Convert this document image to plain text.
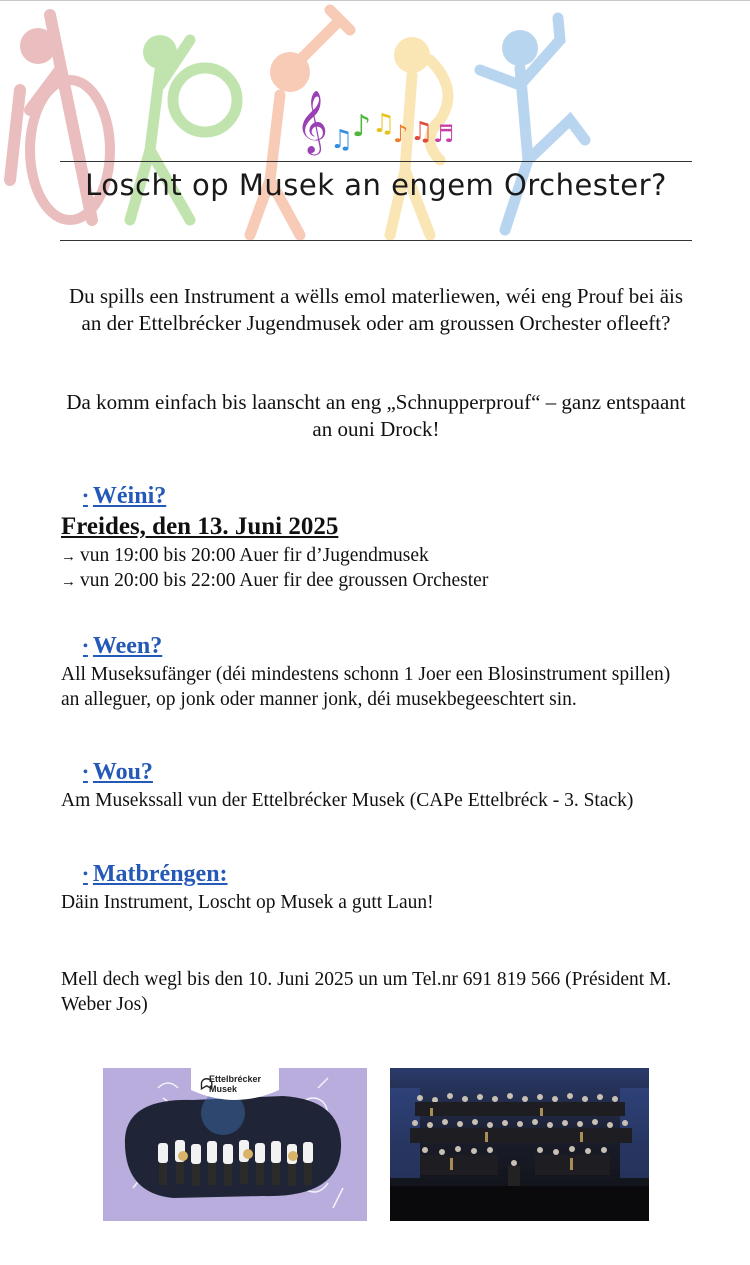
𝄞 ♫
♪ ♫
♪ ♫ ♬
Loscht op Musek an engem Orchester?
Du spills een Instrument a wëlls emol materliewen, wéi eng Prouf bei äis an der Ettelbrécker Jugendmusek oder am groussen Orchester ofleeft?
Da komm einfach bis laanscht an eng „Schnupperprouf“ – ganz entspaant an ouni Drock!
• Wéini?
Freides, den 13. Juni 2025
→ vun 19:00 bis 20:00 Auer fir d’Jugendmusek
→ vun 20:00 bis 22:00 Auer fir dee groussen Orchester
• Ween?
All Museksufänger (déi mindestens schonn 1 Joer een Blosinstrument spillen) an alleguer, op jonk oder manner jonk, déi musekbegeeschtert sin.
• Wou?
Am Musekssall vun der Ettelbrécker Musek (CAPe Ettelbréck - 3. Stack)
• Matbréngen:
Däin Instrument, Loscht op Musek a gutt Laun!
Mell dech wegl bis den 10. Juni 2025 un um Tel.nr 691 819 566 (Président M. Weber Jos)
Ettelbrécker
Musek
ᗣ
